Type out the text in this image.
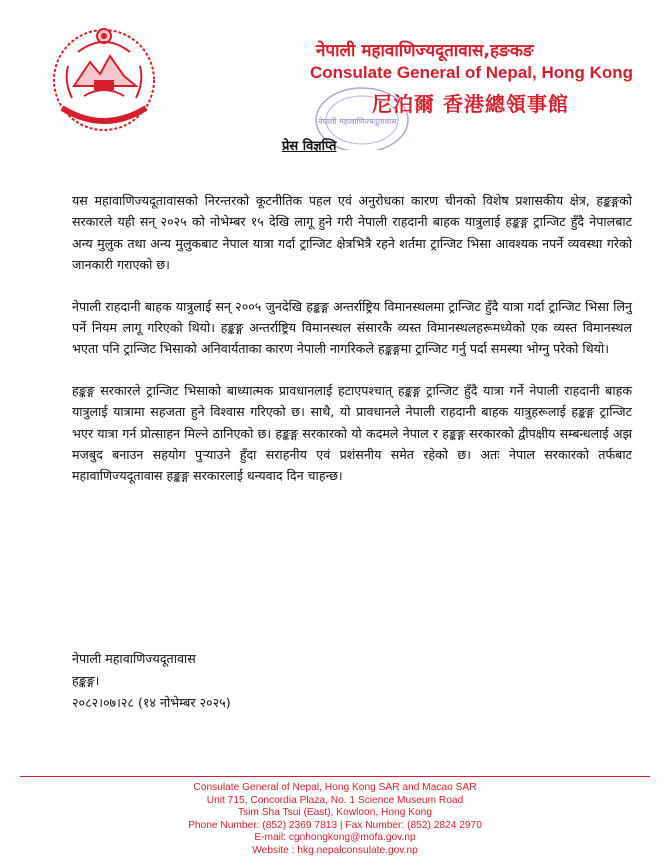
नेपाली महावाणिज्यदूतावास,हङकङ
Consulate General of Nepal, Hong Kong
नेपाली महावाणिज्यदूतावास
尼泊爾 香港總領事館
प्रेस विज्ञप्ति

यस महावाणिज्यदूतावासको निरन्तरको कूटनीतिक पहल एवं अनुरोधका कारण चीनको विशेष प्रशासकीय क्षेत्र, हङ्कङ्गको सरकारले यही सन् २०२५ को नोभेम्बर १५ देखि लागू हुने गरी नेपाली राहदानी बाहक यात्रुलाई हङ्कङ्ग ट्रान्जिट हुँदै नेपालबाट अन्य मुलुक तथा अन्य मुलुकबाट नेपाल यात्रा गर्दा ट्रान्जिट क्षेत्रभित्रै रहने शर्तमा ट्रान्जिट भिसा आवश्यक नपर्ने व्यवस्था गरेको जानकारी गराएको छ।

नेपाली राहदानी बाहक यात्रुलाई सन् २००५ जुनदेखि हङ्कङ्ग अन्तर्राष्ट्रिय विमानस्थलमा ट्रान्जिट हुँदै यात्रा गर्दा ट्रान्जिट भिसा लिनु पर्ने नियम लागू गरिएको थियो। हङ्कङ्ग अन्तर्राष्ट्रिय विमानस्थल संसारकै व्यस्त विमानस्थलहरूमध्येको एक व्यस्त विमानस्थल भएता पनि ट्रान्जिट भिसाको अनिवार्यताका कारण नेपाली नागरिकले हङ्कङ्गमा ट्रान्जिट गर्नु पर्दा समस्या भोग्नु परेको थियो।

हङ्कङ्ग सरकारले ट्रान्जिट भिसाको बाध्यात्मक प्रावधानलाई हटाएपश्चात् हङ्कङ्ग ट्रान्जिट हुँदै यात्रा गर्ने नेपाली राहदानी बाहक यात्रुलाई यात्रामा सहजता हुने विश्वास गरिएको छ। साथै, यो प्रावधानले नेपाली राहदानी बाहक यात्रुहरूलाई हङ्कङ्ग ट्रान्जिट भएर यात्रा गर्न प्रोत्साहन मिल्ने ठानिएको छ। हङ्कङ्ग सरकारको यो कदमले नेपाल र हङ्कङ्ग सरकारको द्वीपक्षीय सम्बन्धलाई अझ मजबुद बनाउन सहयोग पुऱ्याउने हुँदा सराहनीय एवं प्रशंसनीय समेत रहेको छ। अतः नेपाल सरकारको तर्फबाट महावाणिज्यदूतावास हङ्कङ्ग सरकारलाई धन्यवाद दिन चाहन्छ।

नेपाली महावाणिज्यदूतावास
हङ्कङ्ग।
२०८२।०७।२८ (१४ नोभेम्बर २०२५)
Consulate General of Nepal, Hong Kong SAR and Macao SAR
Unit 715, Concordia Plaza, No. 1 Science Museum Road
Tsim Sha Tsui (East), Kowloon, Hong Kong
Phone Number: (852) 2369 7813 | Fax Number: (852) 2824 2970
E-mail: cgnhongkong@mofa.gov.np
Website : hkg.nepalconsulate.gov.np
